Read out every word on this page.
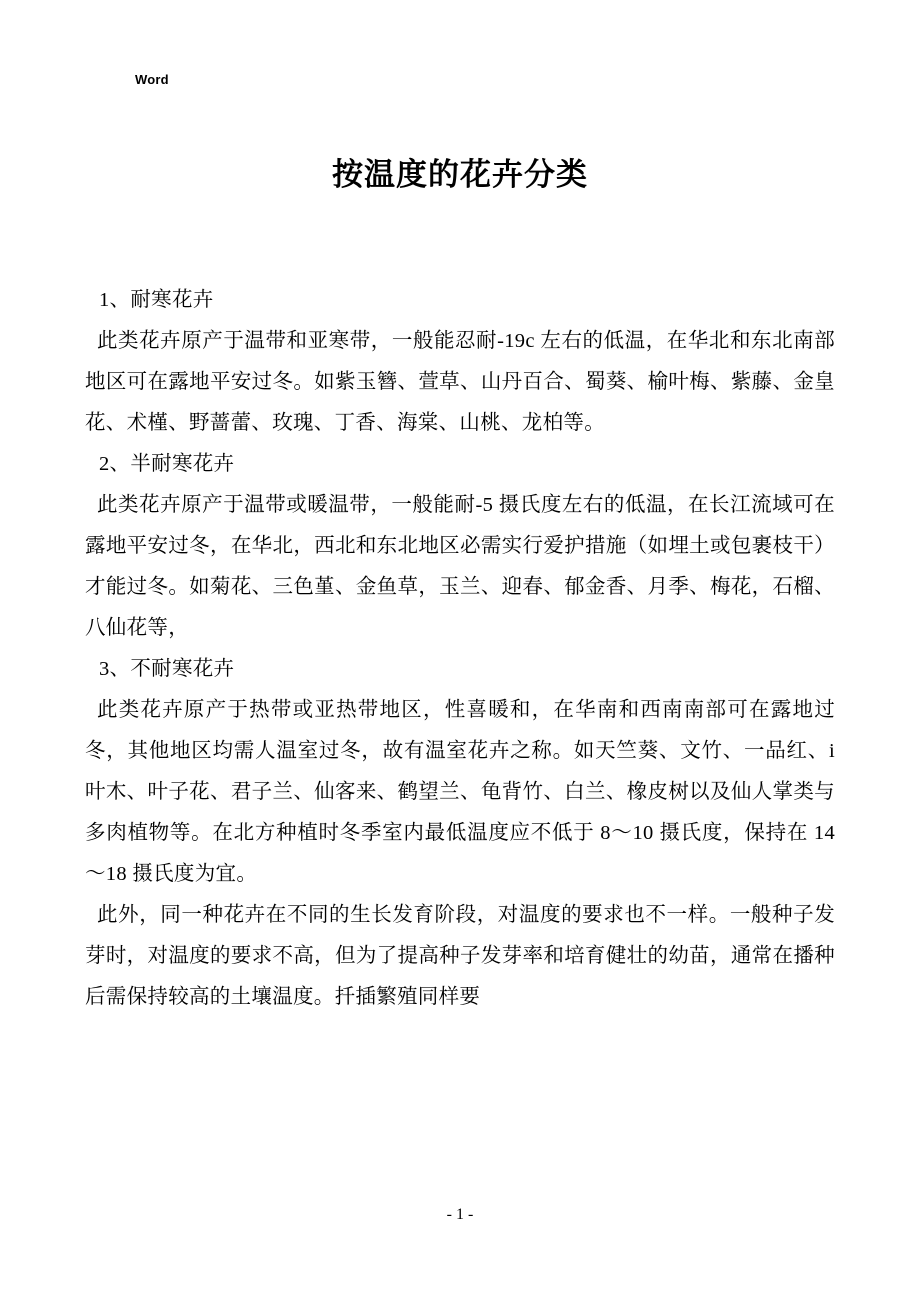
Word
按温度的花卉分类

1、耐寒花卉

此类花卉原产于温带和亚寒带，一般能忍耐-19c 左右的低温，在华北和东北南部地区可在露地平安过冬。如紫玉簪、萱草、山丹百合、蜀葵、榆叶梅、紫藤、金皇花、术槿、野蔷蕾、玫瑰、丁香、海棠、山桃、龙柏等。

2、半耐寒花卉

此类花卉原产于温带或暖温带，一般能耐-5 摄氏度左右的低温，在长江流域可在露地平安过冬，在华北，西北和东北地区必需实行爱护措施（如埋土或包裹枝干）才能过冬。如菊花、三色堇、金鱼草，玉兰、迎春、郁金香、月季、梅花，石榴、八仙花等，

3、不耐寒花卉

此类花卉原产于热带或亚热带地区，性喜暖和，在华南和西南南部可在露地过冬，其他地区均需人温室过冬，故有温室花卉之称。如天竺葵、文竹、一品红、i 叶木、叶子花、君子兰、仙客来、鹤望兰、龟背竹、白兰、橡皮树以及仙人掌类与多肉植物等。在北方种植时冬季室内最低温度应不低于 8～10 摄氏度，保持在 14～18 摄氏度为宜。

此外，同一种花卉在不同的生长发育阶段，对温度的要求也不一样。一般种子发芽时，对温度的要求不高，但为了提高种子发芽率和培育健壮的幼苗，通常在播种后需保持较高的土壤温度。扦插繁殖同样要

- 1 -
